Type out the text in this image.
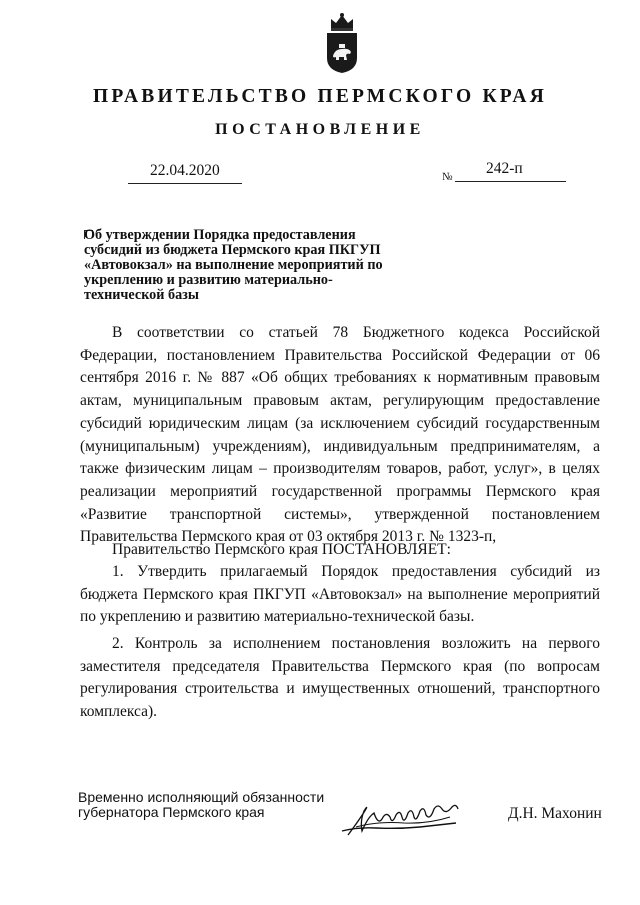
ПРАВИТЕЛЬСТВО ПЕРМСКОГО КРАЯ
ПОСТАНОВЛЕНИЕ
22.04.2020	№ 242-п
Об утверждении Порядка предоставления субсидий из бюджета Пермского края ПКГУП «Автовокзал» на выполнение мероприятий по укреплению и развитию материально-технической базы
В соответствии со статьей 78 Бюджетного кодекса Российской Федерации, постановлением Правительства Российской Федерации от 06 сентября 2016 г. № 887 «Об общих требованиях к нормативным правовым актам, муниципальным правовым актам, регулирующим предоставление субсидий юридическим лицам (за исключением субсидий государственным (муниципальным) учреждениям), индивидуальным предпринимателям, а также физическим лицам – производителям товаров, работ, услуг», в целях реализации мероприятий государственной программы Пермского края «Развитие транспортной системы», утвержденной постановлением Правительства Пермского края от 03 октября 2013 г. № 1323-п,
Правительство Пермского края ПОСТАНОВЛЯЕТ:
1. Утвердить прилагаемый Порядок предоставления субсидий из бюджета Пермского края ПКГУП «Автовокзал» на выполнение мероприятий по укреплению и развитию материально-технической базы.
2. Контроль за исполнением постановления возложить на первого заместителя председателя Правительства Пермского края (по вопросам регулирования строительства и имущественных отношений, транспортного комплекса).
Временно исполняющий обязанности
губернатора Пермского края	Д.Н. Махонин
